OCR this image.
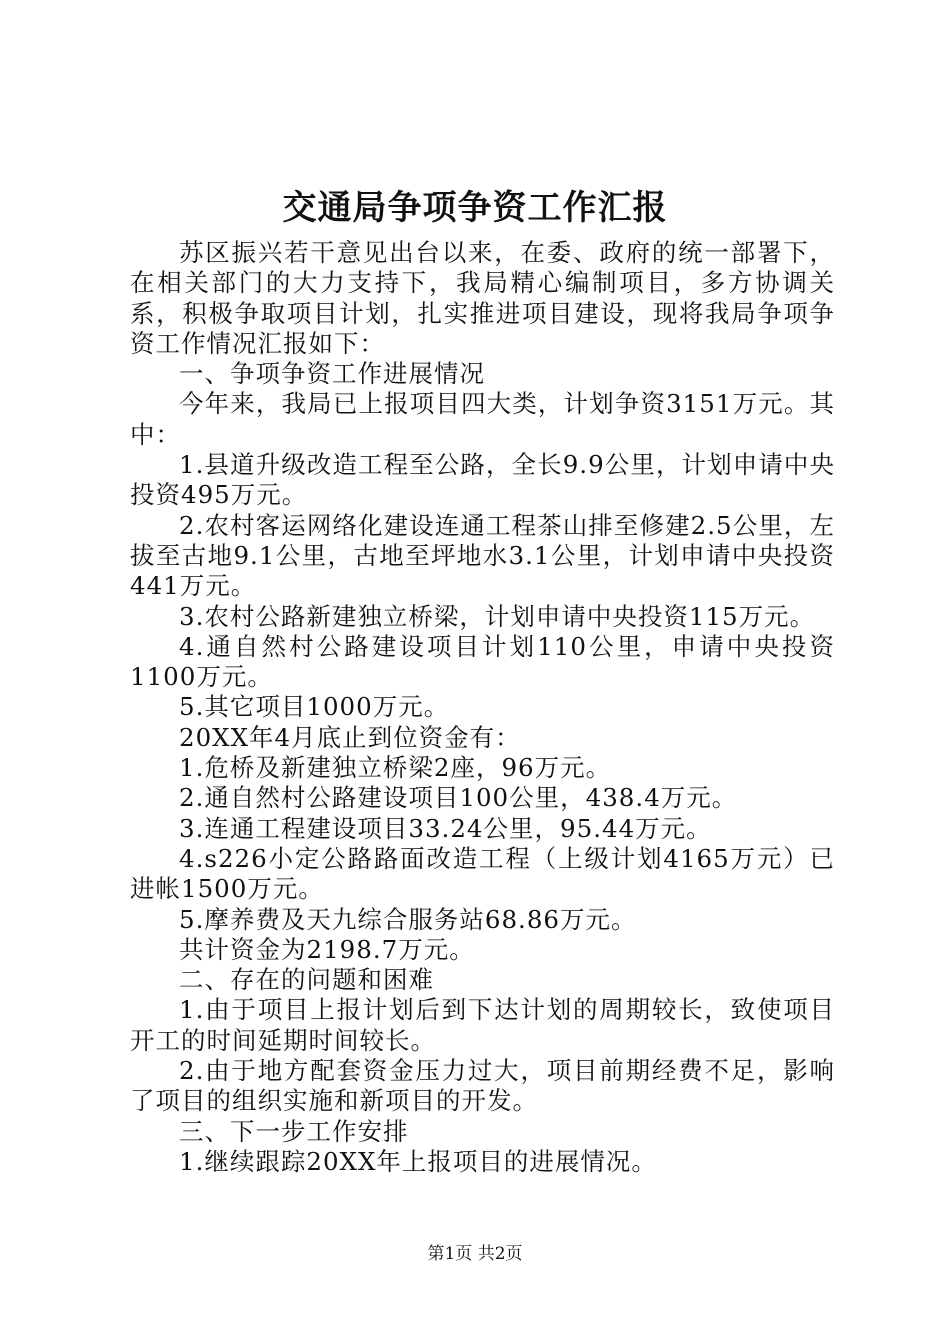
交通局争项争资工作汇报

苏区振兴若干意见出台以来，在委、政府的统一部署下，在相关部门的大力支持下，我局精心编制项目，多方协调关系，积极争取项目计划，扎实推进项目建设，现将我局争项争资工作情况汇报如下：

一、争项争资工作进展情况

今年来，我局已上报项目四大类，计划争资3151万元。其中：

1.县道升级改造工程至公路，全长9.9公里，计划申请中央投资495万元。

2.农村客运网络化建设连通工程茶山排至修建2.5公里，左拔至古地9.1公里，古地至坪地水3.1公里，计划申请中央投资441万元。

3.农村公路新建独立桥梁，计划申请中央投资115万元。

4.通自然村公路建设项目计划110公里，申请中央投资1100万元。

5.其它项目1000万元。

20XX年4月底止到位资金有：

1.危桥及新建独立桥梁2座，96万元。

2.通自然村公路建设项目100公里，438.4万元。

3.连通工程建设项目33.24公里，95.44万元。

4.s226小定公路路面改造工程（上级计划4165万元）已进帐1500万元。

5.摩养费及天九综合服务站68.86万元。

共计资金为2198.7万元。

二、存在的问题和困难

1.由于项目上报计划后到下达计划的周期较长，致使项目开工的时间延期时间较长。

2.由于地方配套资金压力过大，项目前期经费不足，影响了项目的组织实施和新项目的开发。

三、下一步工作安排

1.继续跟踪20XX年上报项目的进展情况。

第1页 共2页
